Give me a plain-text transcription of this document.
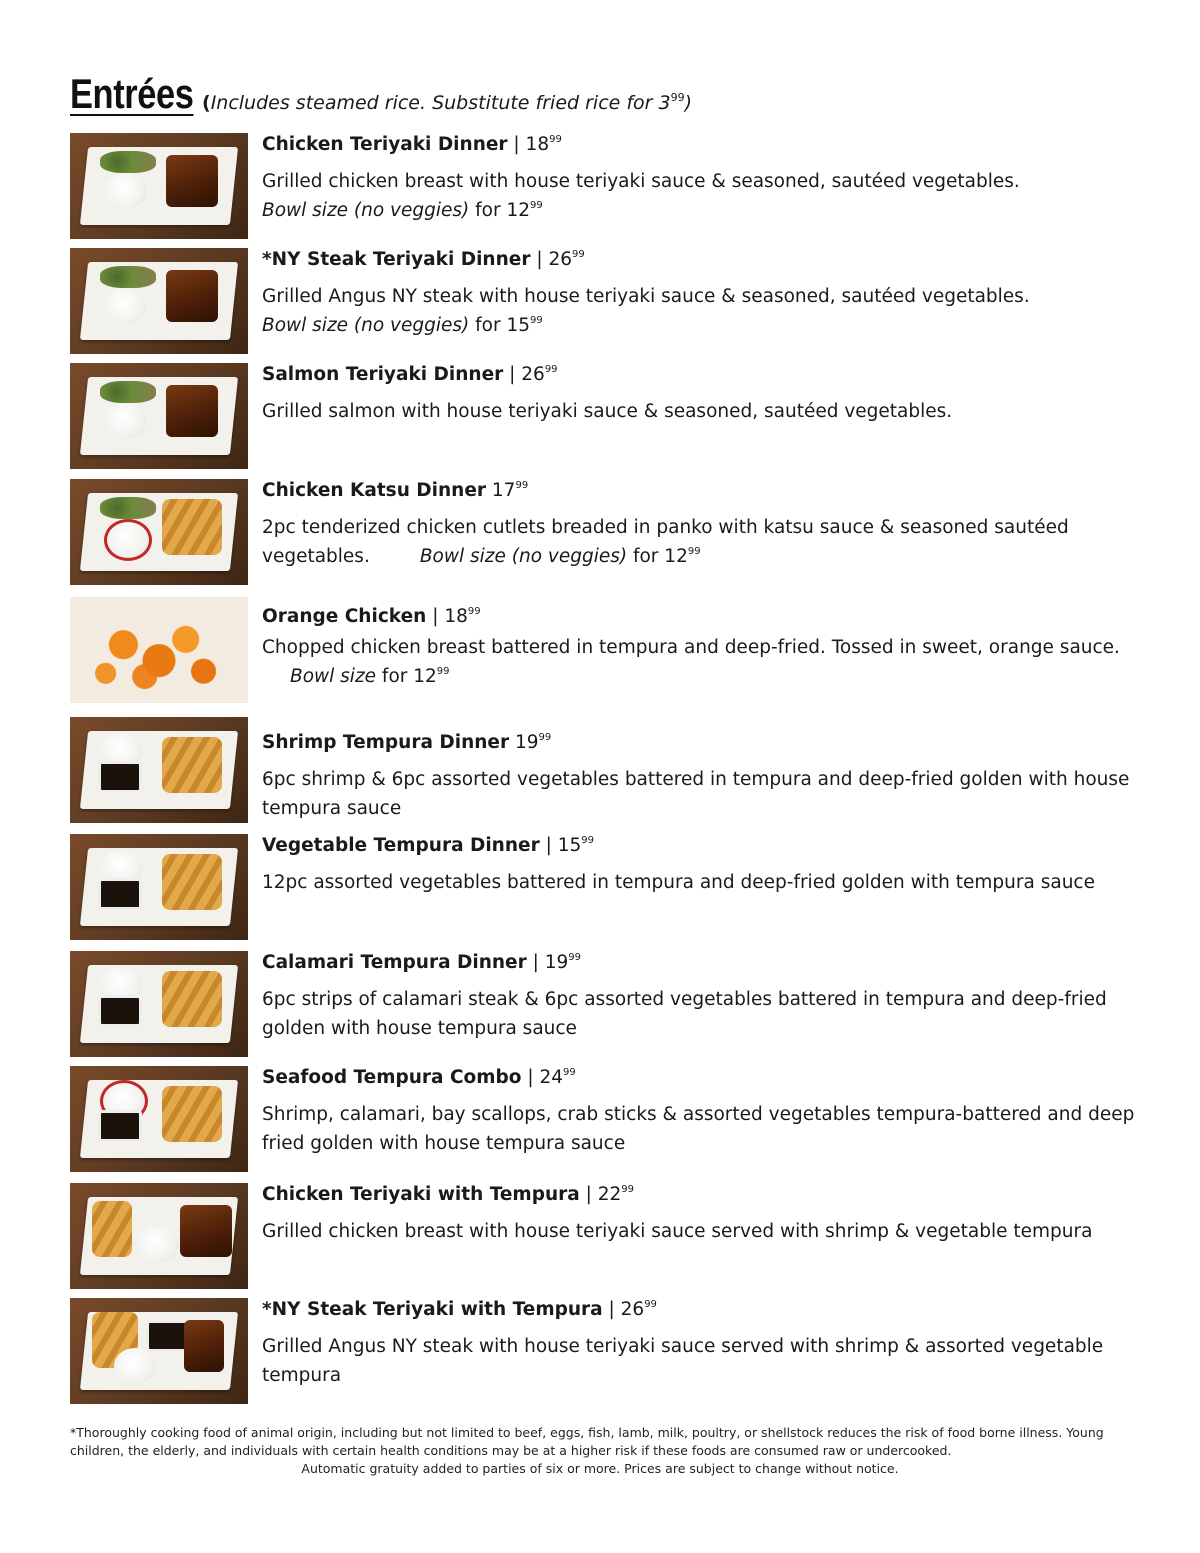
Entrées (Includes steamed rice. Substitute fried rice for $3^{99}$)
Chicken Teriyaki Dinner | $18^{99}$
Grilled chicken breast with house teriyaki sauce & seasoned, sautéed vegetables.
Bowl size (no veggies) for $12^{99}$
*NY Steak Teriyaki Dinner | $26^{99}$
Grilled Angus NY steak with house teriyaki sauce & seasoned, sautéed vegetables.
Bowl size (no veggies) for $15^{99}$
Salmon Teriyaki Dinner | $26^{99}$
Grilled salmon with house teriyaki sauce & seasoned, sautéed vegetables.
Chicken Katsu Dinner $17^{99}$
2pc tenderized chicken cutlets breaded in panko with katsu sauce & seasoned sautéed vegetables.	Bowl size (no veggies) for $12^{99}$
Orange Chicken | $18^{99}$
Chopped chicken breast battered in tempura and deep-fried. Tossed in sweet, orange sauce.Bowl size for $12^{99}$
Shrimp Tempura Dinner $19^{99}$
6pc shrimp & 6pc assorted vegetables battered in tempura and deep-fried golden with house tempura sauce
Vegetable Tempura Dinner | $15^{99}$
12pc assorted vegetables battered in tempura and deep-fried golden with tempura sauce
Calamari Tempura Dinner | $19^{99}$
6pc strips of calamari steak & 6pc assorted vegetables battered in tempura and deep-fried golden with house tempura sauce
Seafood Tempura Combo | $24^{99}$
Shrimp, calamari, bay scallops, crab sticks & assorted vegetables tempura-battered and deep fried golden with house tempura sauce
Chicken Teriyaki with Tempura | $22^{99}$
Grilled chicken breast with house teriyaki sauce served with shrimp & vegetable tempura
*NY Steak Teriyaki with Tempura | $26^{99}$
Grilled Angus NY steak with house teriyaki sauce served with shrimp & assorted vegetable tempura

*Thoroughly cooking food of animal origin, including but not limited to beef, eggs, fish, lamb, milk, poultry, or shellstock reduces the risk of food borne illness. Young children, the elderly, and individuals with certain health conditions may be at a higher risk if these foods are consumed raw or undercooked.

Automatic gratuity added to parties of six or more. Prices are subject to change without notice.
